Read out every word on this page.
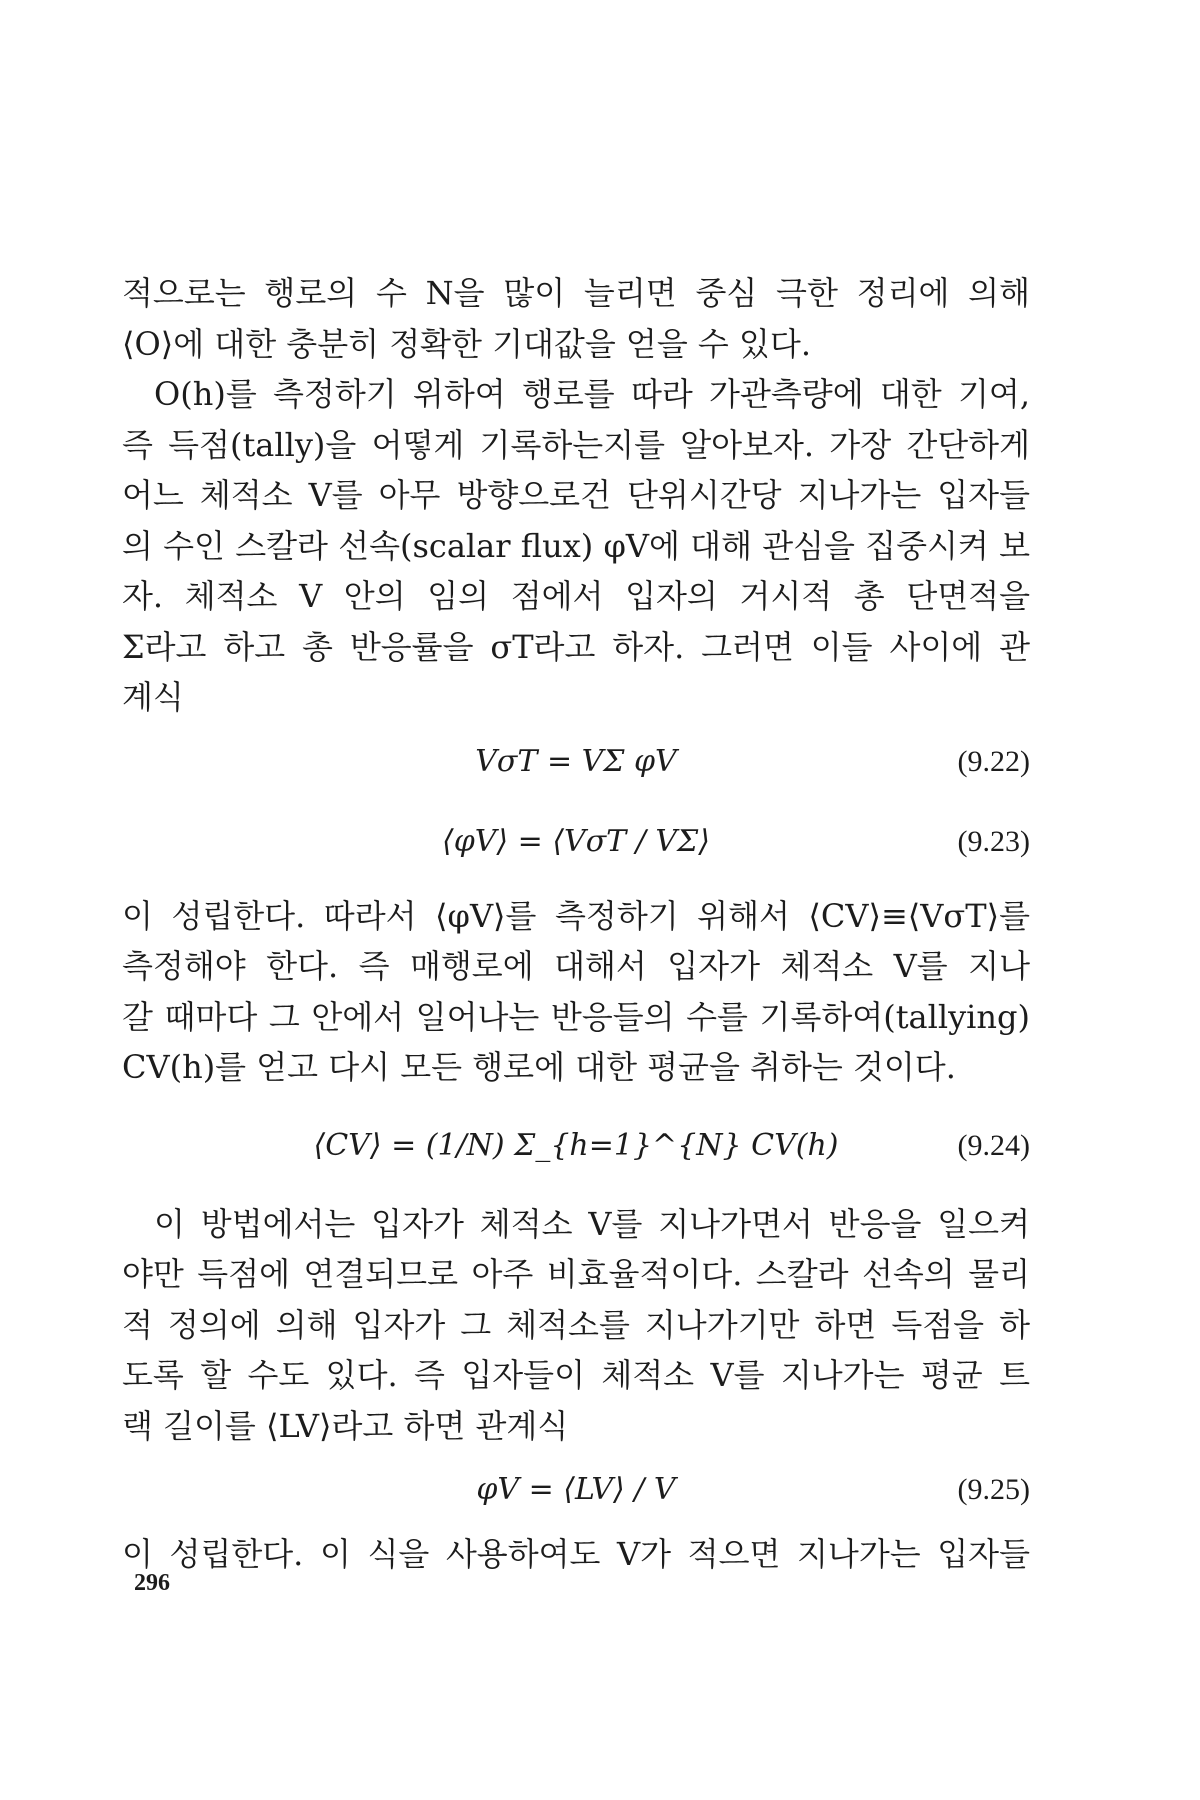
적으로는 행로의 수 N을 많이 늘리면 중심 극한 정리에 의해

⟨O⟩에 대한 충분히 정확한 기대값을 얻을 수 있다.

O(h)를 측정하기 위하여 행로를 따라 가관측량에 대한 기여,

즉 득점(tally)을 어떻게 기록하는지를 알아보자. 가장 간단하게

어느 체적소 V를 아무 방향으로건 단위시간당 지나가는 입자들

의 수인 스칼라 선속(scalar flux) φV에 대해 관심을 집중시켜 보

자. 체적소 V 안의 임의 점에서 입자의 거시적 총 단면적을

Σ라고 하고 총 반응률을 σT라고 하자. 그러면 이들 사이에 관

계식

VσT = VΣ φV	(9.22)
⟨φV⟩ = ⟨VσT / VΣ⟩	(9.23)

이 성립한다. 따라서 ⟨φV⟩를 측정하기 위해서 ⟨CV⟩≡⟨VσT⟩를

측정해야 한다. 즉 매행로에 대해서 입자가 체적소 V를 지나

갈 때마다 그 안에서 일어나는 반응들의 수를 기록하여(tallying)

CV(h)를 얻고 다시 모든 행로에 대한 평균을 취하는 것이다.

⟨CV⟩ = (1/N) Σ_{h=1}^{N} CV(h)	(9.24)

이 방법에서는 입자가 체적소 V를 지나가면서 반응을 일으켜

야만 득점에 연결되므로 아주 비효율적이다. 스칼라 선속의 물리

적 정의에 의해 입자가 그 체적소를 지나가기만 하면 득점을 하

도록 할 수도 있다. 즉 입자들이 체적소 V를 지나가는 평균 트

랙 길이를 ⟨LV⟩라고 하면 관계식

φV = ⟨LV⟩ / V	(9.25)

이 성립한다. 이 식을 사용하여도 V가 적으면 지나가는 입자들

296
